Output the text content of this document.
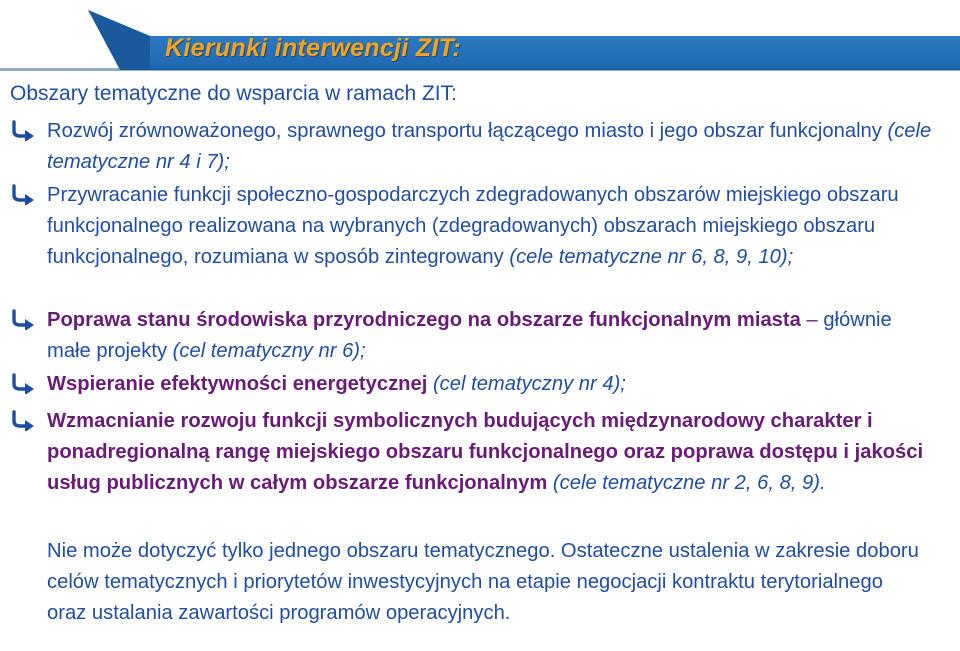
Kierunki interwencji ZIT:
Obszary tematyczne do wsparcia w ramach ZIT:
Rozwój zrównoważonego, sprawnego transportu łączącego miasto i jego obszar funkcjonalny (cele tematyczne nr 4 i 7);
Przywracanie funkcji społeczno-gospodarczych zdegradowanych obszarów miejskiego obszaru funkcjonalnego realizowana na wybranych (zdegradowanych) obszarach miejskiego obszaru funkcjonalnego, rozumiana w sposób zintegrowany (cele tematyczne nr 6, 8, 9, 10);
Poprawa stanu środowiska przyrodniczego na obszarze funkcjonalnym miasta – głównie małe projekty (cel tematyczny nr 6);
Wspieranie efektywności energetycznej (cel tematyczny nr 4);
Wzmacnianie rozwoju funkcji symbolicznych budujących międzynarodowy charakter i ponadregionalną rangę miejskiego obszaru funkcjonalnego oraz poprawa dostępu i jakości usług publicznych w całym obszarze funkcjonalnym (cele tematyczne nr 2, 6, 8, 9).
Nie może dotyczyć tylko jednego obszaru tematycznego. Ostateczne ustalenia w zakresie doboru celów tematycznych i priorytetów inwestycyjnych na etapie negocjacji kontraktu terytorialnego oraz ustalania zawartości programów operacyjnych.
